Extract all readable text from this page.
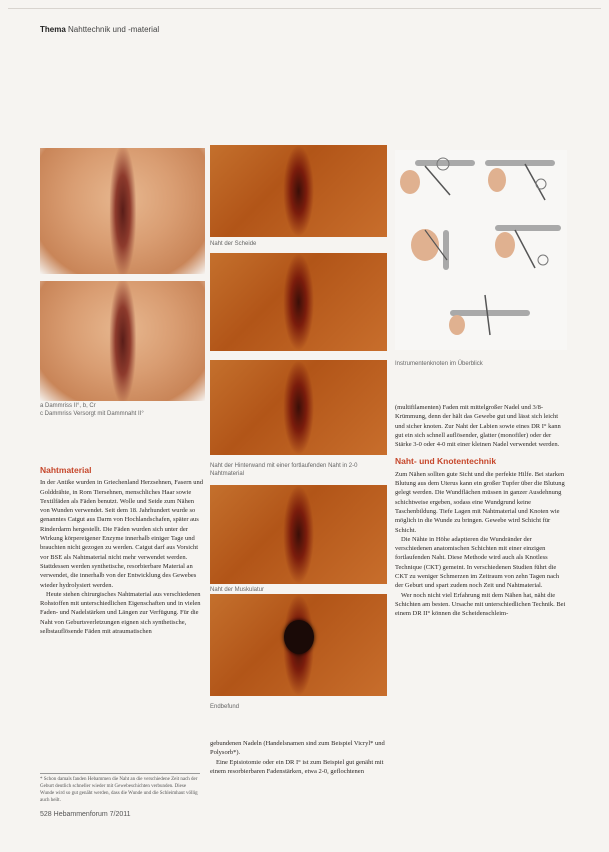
Thema Nahttechnik und -material
a Dammriss II°, b, Cr
c Dammriss Versorgt mit Dammnaht II°
Naht der Scheide
Naht der Hinterwand mit einer fortlaufenden Naht in 2-0 Nahtmaterial
Naht der Muskulatur
Endbefund
Instrumentenknoten im Überblick
Nahtmaterial
In der Antike wurden in Griechenland Herzsehnen, Fasern und Golddrähte, in Rom Tiersehnen, menschliches Haar sowie Textilfäden als Fäden benutzt. Wolle und Seide zum Nähen von Wunden verwendet. Seit dem 18. Jahrhundert wurde so genanntes Catgut aus Darm von Hochlandschafen, später aus Rinderdarm hergestellt. Die Fäden wurden sich unter der Wirkung körpereigener Enzyme innerhalb einiger Tage und brauchten nicht gezogen zu werden. Catgut darf aus Vorsicht vor BSE als Nahtmaterial nicht mehr verwendet werden. Stattdessen werden synthetische, resorbierbare Material an verwendet, die innerhalb von der Entwicklung des Gewebes wieder hydrolysiert werden.
Heute stehen chirurgisches Nahtmaterial aus verschiedenen Rohstoffen mit unterschiedlichen Eigenschaften und in vielen Faden- und Nadelstärken und Längen zur Verfügung. Für die Naht von Geburtsverletzungen eignen sich synthetische, selbstauflösende Fäden mit atraumatischen
* Schon damals fanden Hebammen die Naht an die verschiedene Zeit nach der Geburt deutlich schneller wieder mit Gewebeschichten verbunden. Diese Wunde wird so gut genäht werden, dass die Wunde und die Schleimhaut völlig auch heilt.
gebundenen Nadeln (Handelsnamen sind zum Beispiel Vicryl* und Polysorb*).
Eine Episiotomie oder ein DR I° ist zum Beispiel gut genäht mit einem resorbierbaren Fadenstärken, etwa 2-0, geflochtenen
(multifilamenten) Faden mit mittelgroßer Nadel und 3/8-Krümmung, denn der hält das Gewebe gut und lässt sich leicht und sicher knoten. Zur Naht der Labien sowie eines DR I° kann gut ein sich schnell auflösender, glatter (monofiler) oder der Stärke 3-0 oder 4-0 mit einer kleinen Nadel verwendet werden.
Naht- und Knotentechnik
Zum Nähen sollten gute Sicht und die perfekte Hilfe. Bei starken Blutung aus dem Uterus kann ein großer Tupfer über die Blutung gelegt werden. Die Wundflächen müssen in ganzer Ausdehnung schichtweise ergeben, sodass eine Wundgrund keine Taschenbildung. Tiefe Lagen mit Nahtmaterial und Knoten wie möglich in die Wunde zu bringen. Gewebe wird Schicht für Schicht.
Die Nähte in Höhe adaptieren die Wundränder der verschiedenen anatomischen Schichten mit einer einzigen fortlaufenden Naht. Diese Methode wird auch als Knotless Technique (CKT) gemeint. In verschiedenen Studien führt die CKT zu weniger Schmerzen im Zeitraum von zehn Tagen nach der Geburt und spart zudem noch Zeit und Nahtmaterial.
Wer noch nicht viel Erfahrung mit dem Nähen hat, näht die Schichten am besten. Ursache mit unterschiedlichen Technik. Bei einem DR II° können die Scheidenschleim-
528 Hebammenforum 7/2011
